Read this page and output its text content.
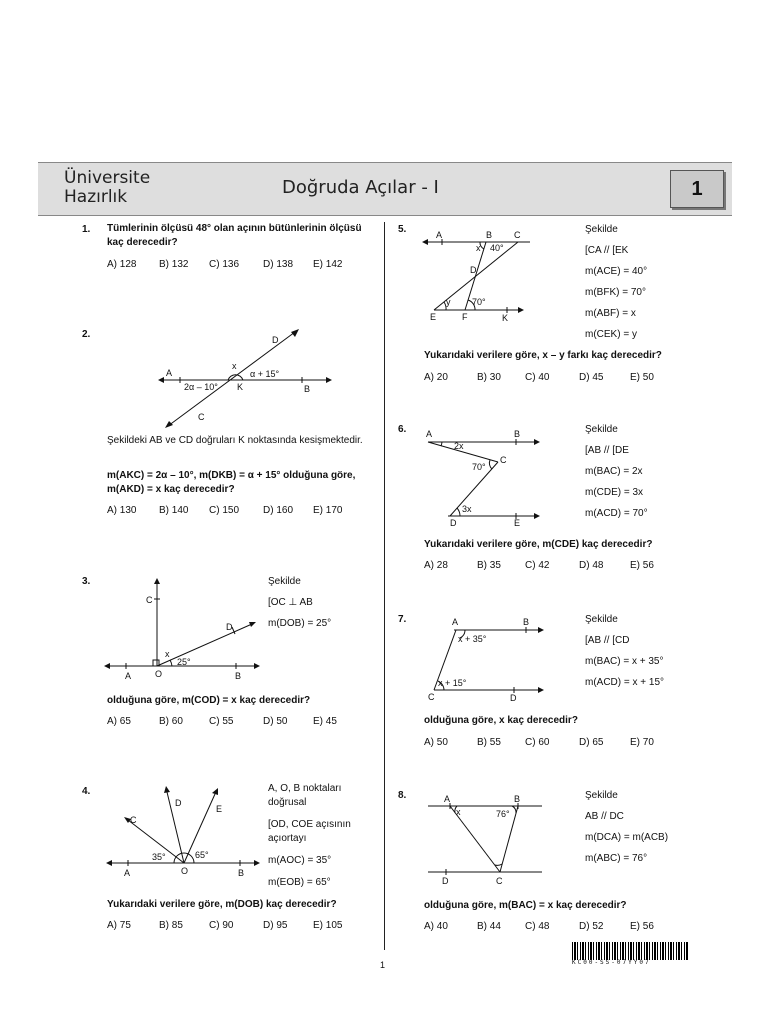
Üniversite
Hazırlık	Doğruda Açılar - I	1
1. Tümlerinin ölçüsü 48° olan açının bütünlerinin ölçüsü kaç derecedir?
A) 128 B) 132 C) 136 D) 138 E) 142
2.
A
B
C
D
K
x
2α – 10°
α + 15°
Şekildeki AB ve CD doğruları K noktasında kesişmektedir.
m(AKC) = 2α – 10°, m(DKB) = α + 15° olduğuna göre, m(AKD) = x kaç derecedir?
A) 130 B) 140 C) 150 D) 160 E) 170
3.
A	B
C
D
O
x
25°
Şekilde
[OC ⊥ AB
m(DOB) = 25°
olduğuna göre, m(COD) = x kaç derecedir?
A) 65	B) 60	C) 55	D) 50	E) 45
4.
A	B
C
D
E
O
35°	65°
A, O, B noktaları
doğrusal
[OD, COE açısının
açıortayı
m(AOC) = 35°
m(EOB) = 65°
Yukarıdaki verilere göre, m(DOB) kaç derecedir?
A) 75	B) 85	C) 90	D) 95	E) 105
5.	A	B C
D
E	F	K
x
y
40°
70°
Şekilde
[CA // [EK
m(ACE) = 40°
m(BFK) = 70°
m(ABF) = x
m(CEK) = y
Yukarıdaki verilere göre, x – y farkı kaç derecedir?
A) 20	B) 30 C) 40	D) 45	E) 50
6. A	B
C
D	E
2x
70°
3x
Şekilde
[AB // [DE
m(BAC) = 2x
m(CDE) = 3x
m(ACD) = 70°
Yukarıdaki verilere göre, m(CDE) kaç derecedir?
A) 28	B) 35 C) 42	D) 48	E) 56
7.	A	B
C	D
x + 35°
x + 15°
Şekilde
[AB // [CD
m(BAC) = x + 35°
m(ACD) = x + 15°
olduğuna göre, x kaç derecedir?
A) 50	B) 55 C) 60	D) 65	E) 70
8.	A	B
C
D
x	76°
Şekilde
AB // DC
m(DCA) = m(ACB)
m(ABC) = 76°
olduğuna göre, m(BAC) = x kaç derecedir?
A) 40	B) 44 C) 48	D) 52	E) 56
1	KC00-SS-07YY07
